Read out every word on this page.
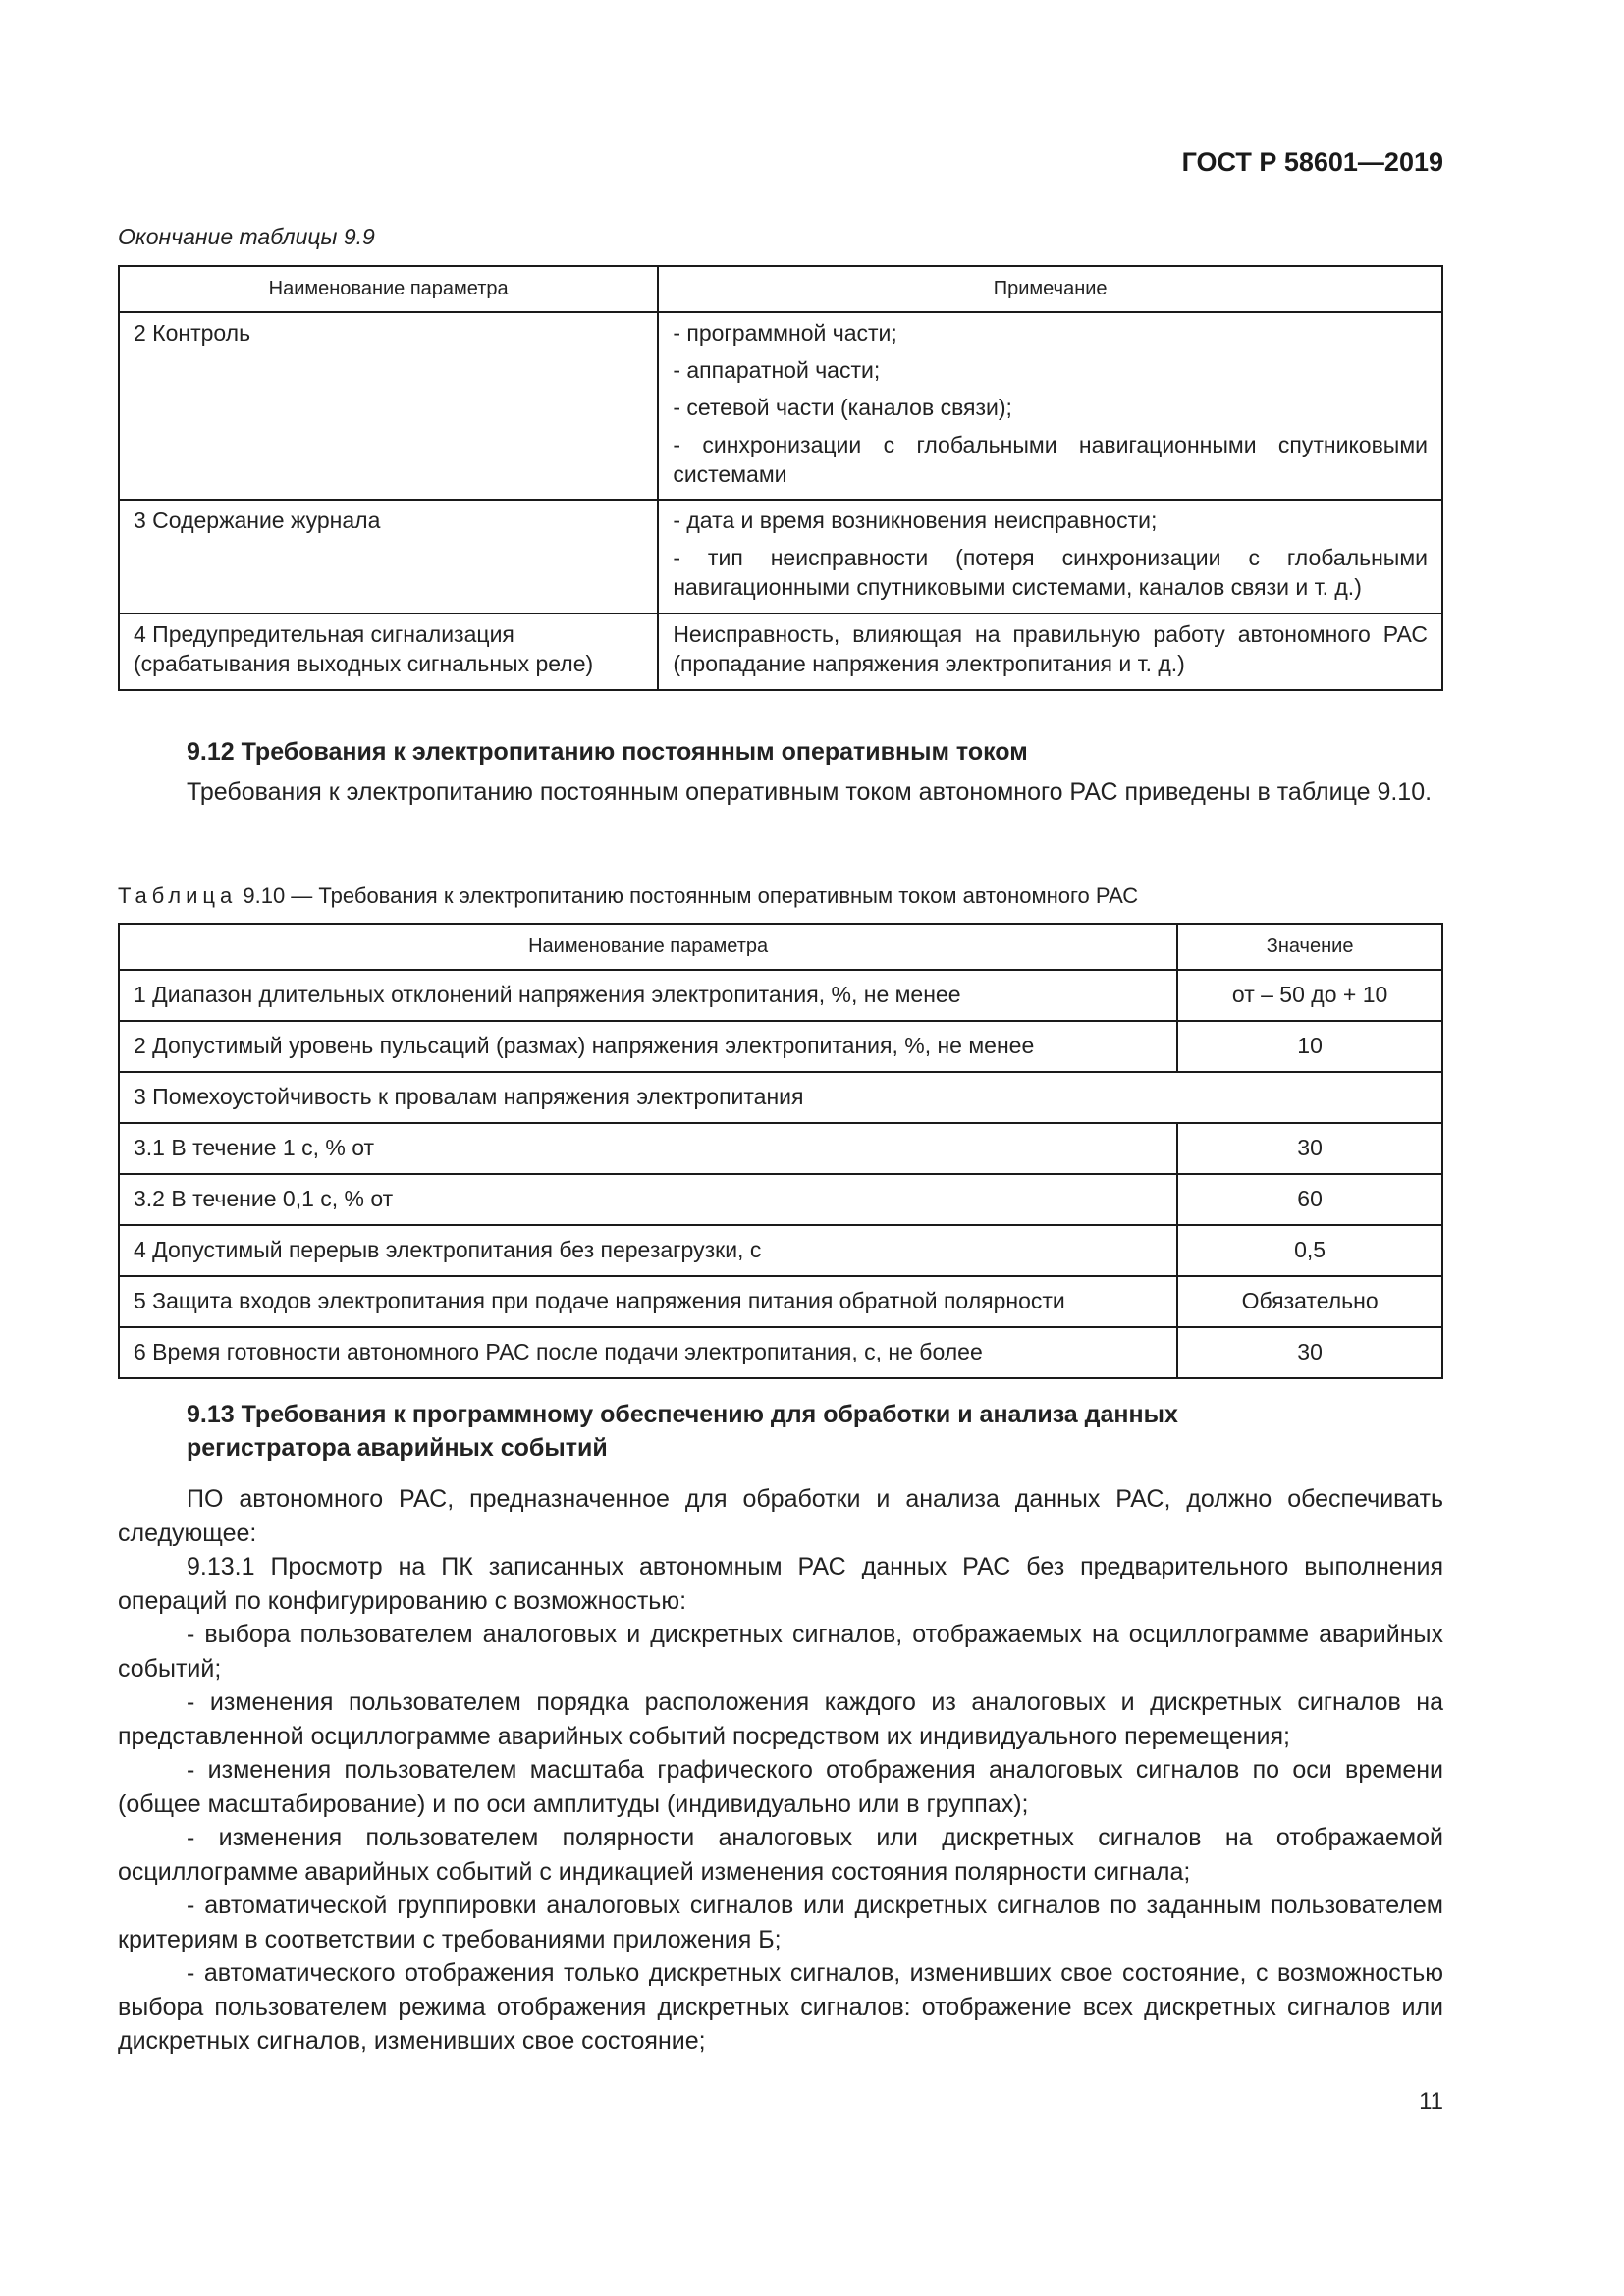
ГОСТ Р 58601—2019
Окончание таблицы 9.9
Наименование параметра	Примечание
2 Контроль	- программной части;
- аппаратной части;
- сетевой части (каналов связи);
- синхронизации с глобальными навигационными спутниковыми системами

3 Содержание журнала	- дата и время возникновения неисправности;
- тип неисправности (потеря синхронизации с глобальными навигационными спутниковыми системами, каналов связи и т. д.)

4 Предупредительная сигнализация (срабатывания выходных сигнальных реле)	Неисправность, влияющая на правильную работу автономного РАС (пропадание напряжения электропитания и т. д.)
9.12 Требования к электропитанию постоянным оперативным током

Требования к электропитанию постоянным оперативным током автономного РАС приведены в таблице 9.10.

Таблица 9.10 — Требования к электропитанию постоянным оперативным током автономного РАС
Наименование параметра	Значение
1 Диапазон длительных отклонений напряжения электропитания, %, не менее	от – 50 до + 10
2 Допустимый уровень пульсаций (размах) напряжения электропитания, %, не менее	10
3 Помехоустойчивость к провалам напряжения электропитания	
3.1 В течение 1 с, % от	30
3.2 В течение 0,1 с, % от	60
4 Допустимый перерыв электропитания без перезагрузки, с	0,5
5 Защита входов электропитания при подаче напряжения питания обратной полярности	Обязательно
6 Время готовности автономного РАС после подачи электропитания, с, не более	30
9.13 Требования к программному обеспечению для обработки и анализа данных
регистратора аварийных событий

ПО автономного РАС, предназначенное для обработки и анализа данных РАС, должно обеспечивать следующее:

9.13.1 Просмотр на ПК записанных автономным РАС данных РАС без предварительного выполнения операций по конфигурированию с возможностью:

- выбора пользователем аналоговых и дискретных сигналов, отображаемых на осциллограмме аварийных событий;

- изменения пользователем порядка расположения каждого из аналоговых и дискретных сигналов на представленной осциллограмме аварийных событий посредством их индивидуального перемещения;

- изменения пользователем масштаба графического отображения аналоговых сигналов по оси времени (общее масштабирование) и по оси амплитуды (индивидуально или в группах);

- изменения пользователем полярности аналоговых или дискретных сигналов на отображаемой осциллограмме аварийных событий с индикацией изменения состояния полярности сигнала;

- автоматической группировки аналоговых сигналов или дискретных сигналов по заданным пользователем критериям в соответствии с требованиями приложения Б;

- автоматического отображения только дискретных сигналов, изменивших свое состояние, с возможностью выбора пользователем режима отображения дискретных сигналов: отображение всех дискретных сигналов или дискретных сигналов, изменивших свое состояние;

11
